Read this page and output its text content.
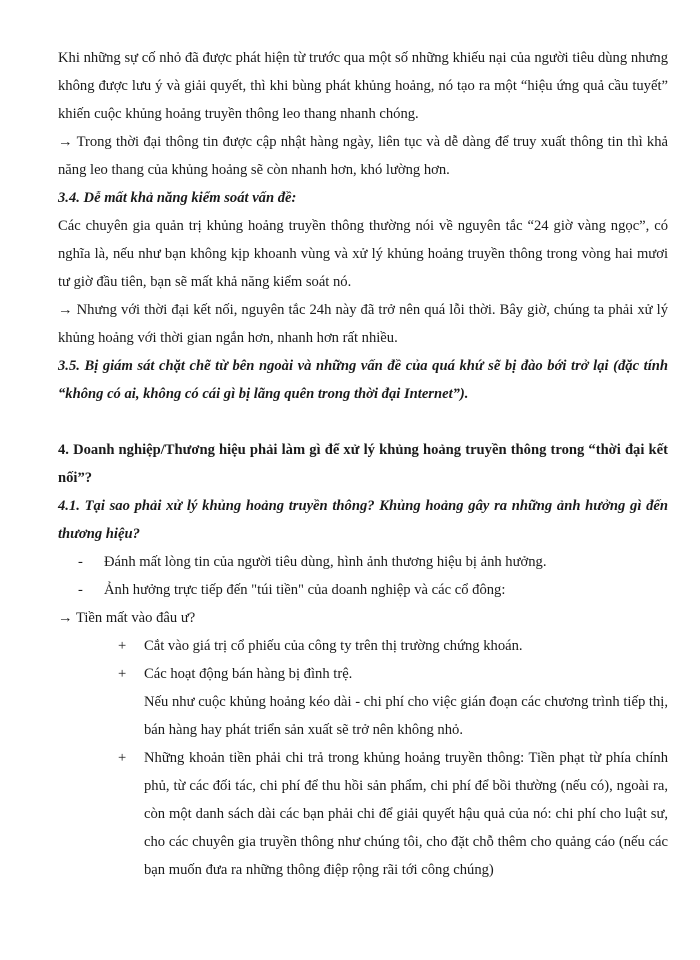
Khi những sự cố nhỏ đã được phát hiện từ trước qua một số những khiếu nại của người tiêu dùng nhưng không được lưu ý và giải quyết, thì khi bùng phát khủng hoảng, nó tạo ra một “hiệu ứng quả cầu tuyết” khiến cuộc khủng hoảng truyền thông leo thang nhanh chóng.

→ Trong thời đại thông tin được cập nhật hàng ngày, liên tục và dễ dàng để truy xuất thông tin thì khả năng leo thang của khủng hoảng sẽ còn nhanh hơn, khó lường hơn.

3.4. Dễ mất khả năng kiểm soát vấn đề:

Các chuyên gia quản trị khủng hoảng truyền thông thường nói về nguyên tắc “24 giờ vàng ngọc”, có nghĩa là, nếu như bạn không kịp khoanh vùng và xử lý khủng hoảng truyền thông trong vòng hai mươi tư giờ đầu tiên, bạn sẽ mất khả năng kiểm soát nó.

→ Nhưng với thời đại kết nối, nguyên tắc 24h này đã trở nên quá lỗi thời. Bây giờ, chúng ta phải xử lý khủng hoảng với thời gian ngắn hơn, nhanh hơn rất nhiều.

3.5. Bị giám sát chặt chẽ từ bên ngoài và những vấn đề của quá khứ sẽ bị đào bới trở lại (đặc tính “không có ai, không có cái gì bị lãng quên trong thời đại Internet”).

4. Doanh nghiệp/Thương hiệu phải làm gì để xử lý khủng hoảng truyền thông trong “thời đại kết nối”?

4.1. Tại sao phải xử lý khủng hoảng truyền thông? Khủng hoảng gây ra những ảnh hưởng gì đến thương hiệu?

- Đánh mất lòng tin của người tiêu dùng, hình ảnh thương hiệu bị ảnh hưởng.

- Ảnh hưởng trực tiếp đến "túi tiền" của doanh nghiệp và các cổ đông:

→ Tiền mất vào đâu ư?

+ Cắt vào giá trị cổ phiếu của công ty trên thị trường chứng khoán.

+ Các hoạt động bán hàng bị đình trệ.

Nếu như cuộc khủng hoảng kéo dài - chi phí cho việc gián đoạn các chương trình tiếp thị, bán hàng hay phát triển sản xuất sẽ trở nên không nhỏ.

+ Những khoản tiền phải chi trả trong khủng hoảng truyền thông: Tiền phạt từ phía chính phủ, từ các đối tác, chi phí để thu hồi sản phẩm, chi phí để bồi thường (nếu có), ngoài ra, còn một danh sách dài các bạn phải chi để giải quyết hậu quả của nó: chi phí cho luật sư, cho các chuyên gia truyền thông như chúng tôi, cho đặt chỗ thêm cho quảng cáo (nếu các bạn muốn đưa ra những thông điệp rộng rãi tới công chúng)
